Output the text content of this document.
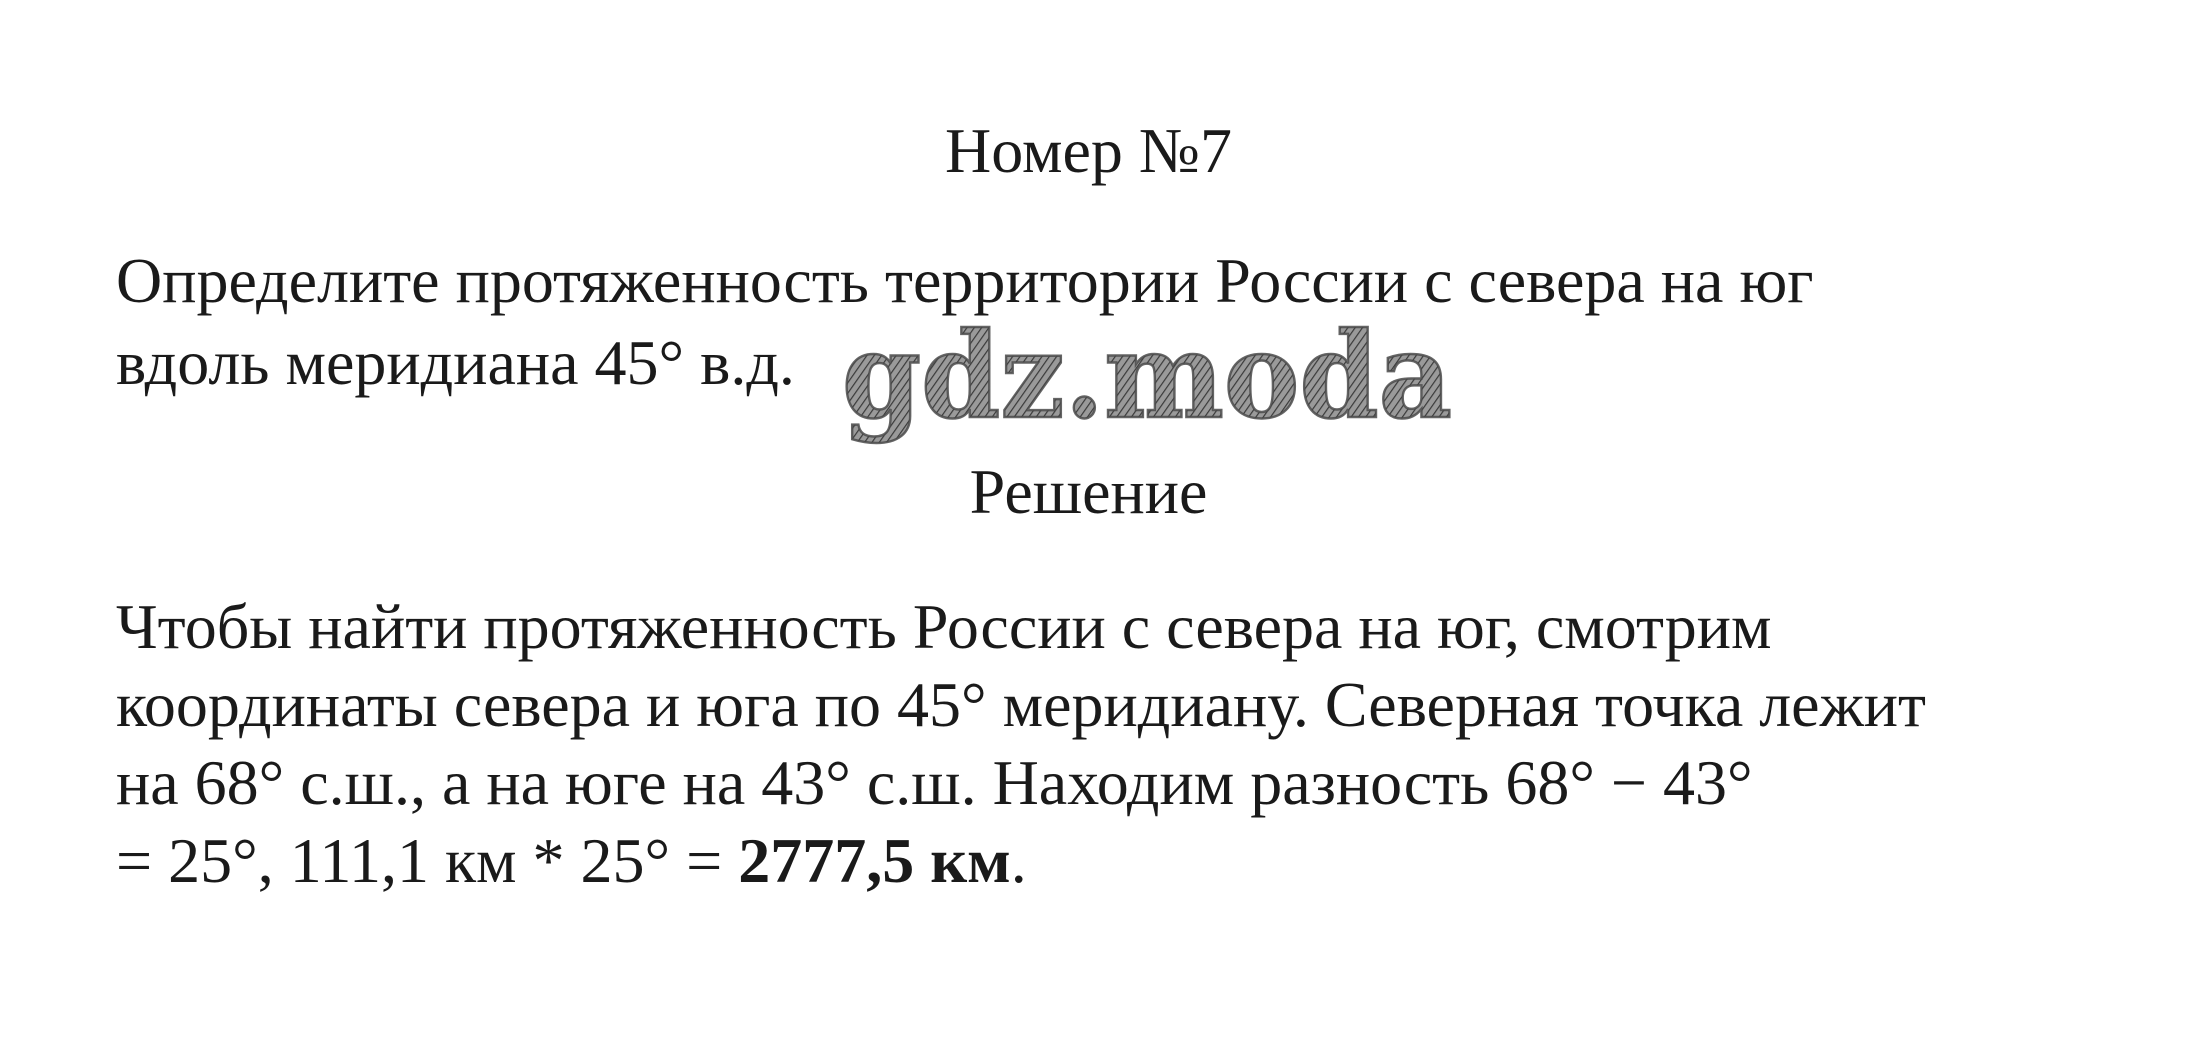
Номер №7
Определите протяженность территории России с севера на юг
вдоль меридиана 45° в.д. gdz.moda
Решение
Чтобы найти протяженность России с севера на юг, смотрим
координаты севера и юга по 45° меридиану. Северная точка лежит
на 68° с.ш., а на юге на 43° с.ш. Находим разность 68° − 43°
= 25°, 111,1 км * 25° = 2777,5 км.
